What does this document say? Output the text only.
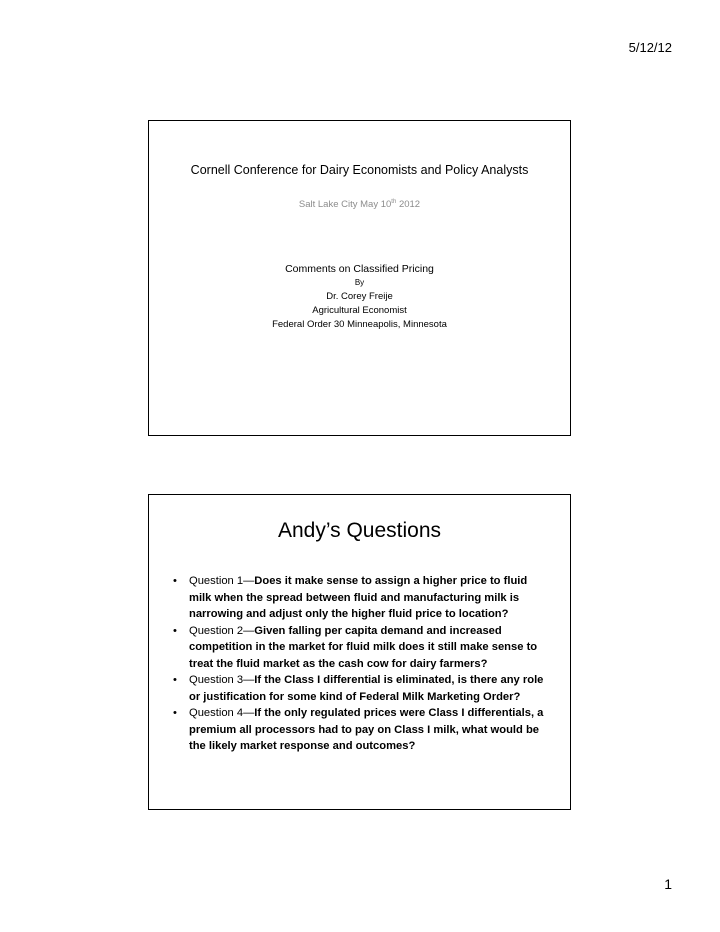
5/12/12
Cornell Conference for Dairy Economists and Policy Analysts
Salt Lake City May 10th 2012
Comments on Classified Pricing
By
Dr. Corey Freije
Agricultural Economist
Federal Order 30 Minneapolis, Minnesota
Andy’s Questions
• Question 1—Does it make sense to assign a higher price to fluid milk when the spread between fluid and manufacturing milk is narrowing and adjust only the higher fluid price to location?
• Question 2—Given falling per capita demand and increased competition in the market for fluid milk does it still make sense to treat the fluid market as the cash cow for dairy farmers?
• Question 3—If the Class I differential is eliminated, is there any role or justification for some kind of Federal Milk Marketing Order?
• Question 4—If the only regulated prices were Class I differentials, a premium all processors had to pay on Class I milk, what would be the likely market response and outcomes?
1
